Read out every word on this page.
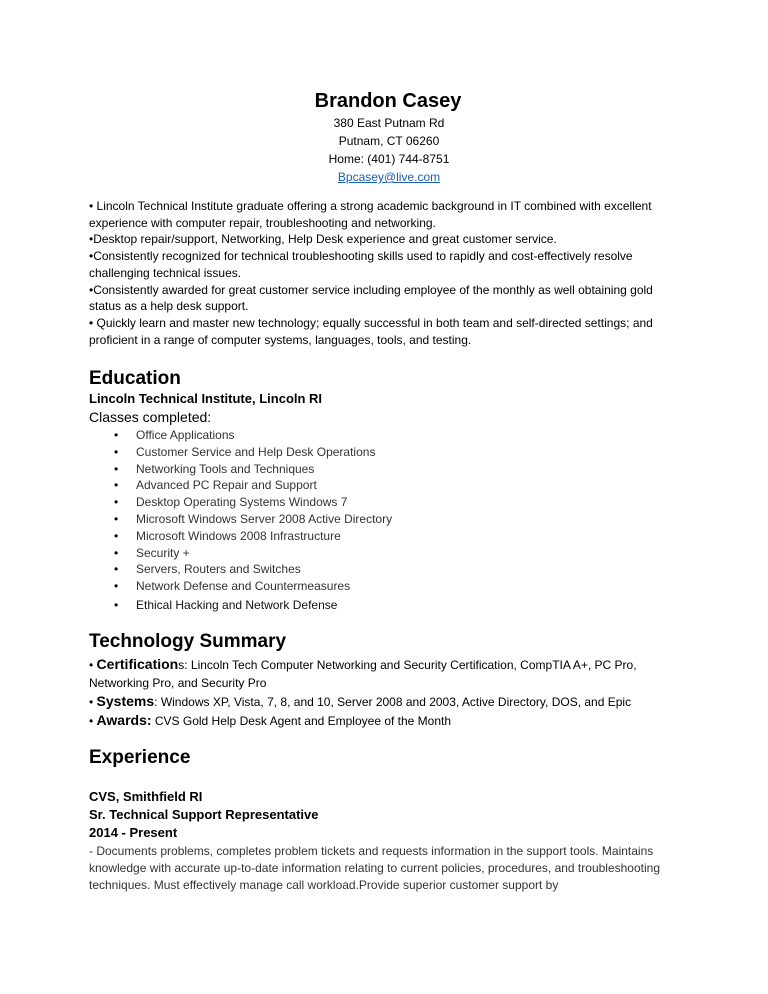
Brandon Casey
380 East Putnam Rd
Putnam, CT 06260
Home: (401) 744-8751
Bpcasey@live.com

• Lincoln Technical Institute graduate offering a strong academic background in IT combined with excellent experience with computer repair, troubleshooting and networking.

•Desktop repair/support, Networking, Help Desk experience and great customer service.

•Consistently recognized for technical troubleshooting skills used to rapidly and cost-effectively resolve challenging technical issues.

•Consistently awarded for great customer service including employee of the monthly as well obtaining gold status as a help desk support.

• Quickly learn and master new technology; equally successful in both team and self-directed settings; and proficient in a range of computer systems, languages, tools, and testing.

Education
Lincoln Technical Institute, Lincoln RI
Classes completed:
• Office Applications
• Customer Service and Help Desk Operations
• Networking Tools and Techniques
• Advanced PC Repair and Support
• Desktop Operating Systems Windows 7
• Microsoft Windows Server 2008 Active Directory
• Microsoft Windows 2008 Infrastructure
• Security +
• Servers, Routers and Switches
• Network Defense and Countermeasures
• Ethical Hacking and Network Defense
Technology Summary

• Certifications: Lincoln Tech Computer Networking and Security Certification, CompTIA A+, PC Pro, Networking Pro, and Security Pro

• Systems: Windows XP, Vista, 7, 8, and 10, Server 2008 and 2003, Active Directory, DOS, and Epic

• Awards: CVS Gold Help Desk Agent and Employee of the Month

Experience
CVS, Smithfield RI
Sr. Technical Support Representative
2014 - Present

- Documents problems, completes problem tickets and requests information in the support tools. Maintains knowledge with accurate up-to-date information relating to current policies, procedures, and troubleshooting techniques. Must effectively manage call workload.Provide superior customer support by
